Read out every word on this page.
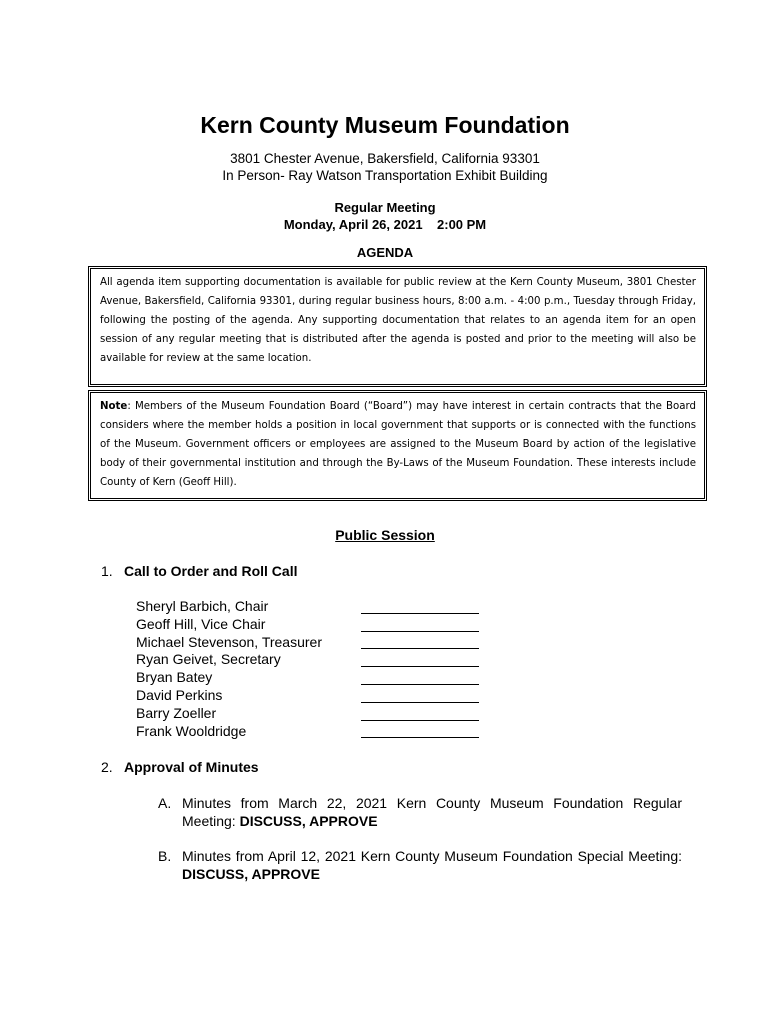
Kern County Museum Foundation
3801 Chester Avenue, Bakersfield, California 93301
In Person- Ray Watson Transportation Exhibit Building
Regular Meeting
Monday, April 26, 2021    2:00 PM
AGENDA
All agenda item supporting documentation is available for public review at the Kern County Museum, 3801 Chester Avenue, Bakersfield, California 93301, during regular business hours, 8:00 a.m. - 4:00 p.m., Tuesday through Friday, following the posting of the agenda. Any supporting documentation that relates to an agenda item for an open session of any regular meeting that is distributed after the agenda is posted and prior to the meeting will also be available for review at the same location.
Note: Members of the Museum Foundation Board (“Board”) may have interest in certain contracts that the Board considers where the member holds a position in local government that supports or is connected with the functions of the Museum. Government officers or employees are assigned to the Museum Board by action of the legislative body of their governmental institution and through the By-Laws of the Museum Foundation. These interests include County of Kern (Geoff Hill).
Public Session
1. Call to Order and Roll Call
Sheryl Barbich, Chair
Geoff Hill, Vice Chair
Michael Stevenson, Treasurer
Ryan Geivet, Secretary
Bryan Batey
David Perkins
Barry Zoeller
Frank Wooldridge
2. Approval of Minutes
A. Minutes from March 22, 2021 Kern County Museum Foundation Regular Meeting: DISCUSS, APPROVE
B. Minutes from April 12, 2021 Kern County Museum Foundation Special Meeting: DISCUSS, APPROVE
